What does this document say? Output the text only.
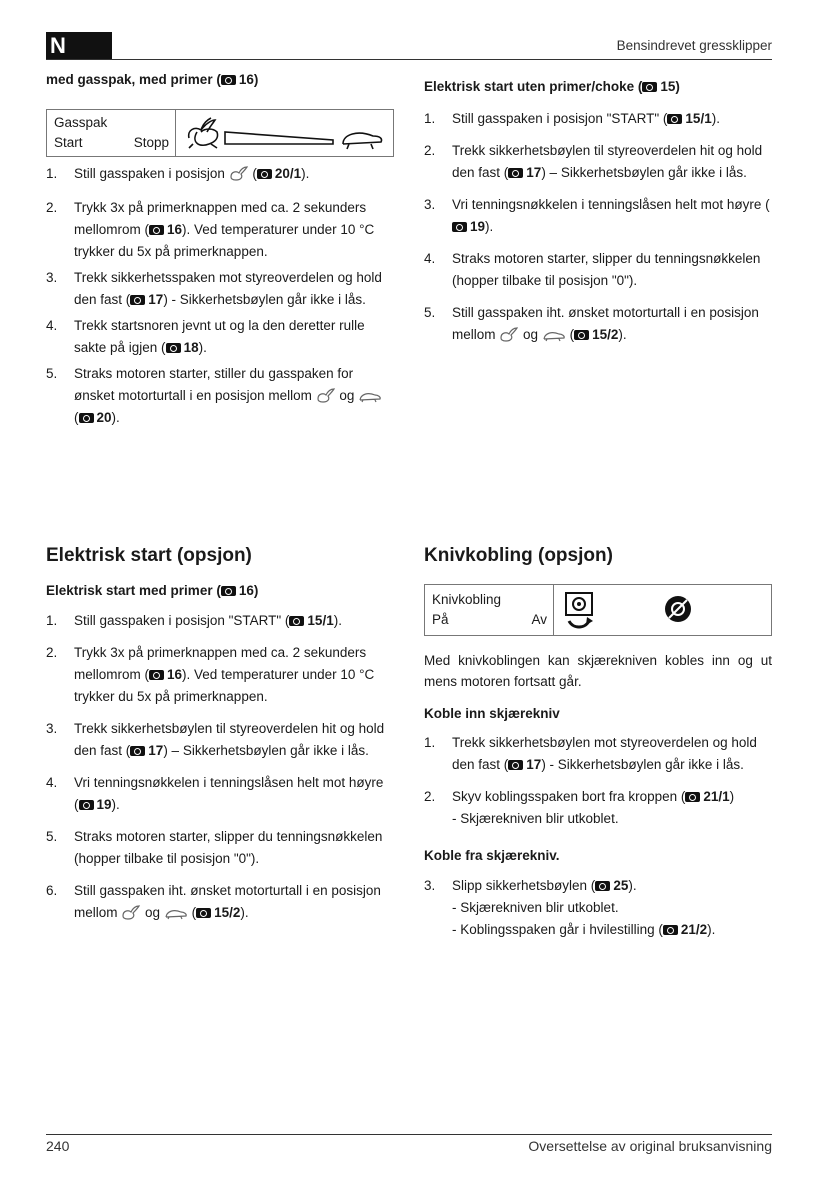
N	Bensindrevet gressklipper
med gasspak, med primer ( 16)
Gasspak
Start	Stopp
1. Still gasspaken i posisjon  ( 20/1).
2. Trykk 3x på primerknappen med ca. 2 sekunders mellomrom ( 16). Ved temperaturer under 10 °C trykker du 5x på primerknappen.
3. Trekk sikkerhetsspaken mot styreoverdelen og hold den fast ( 17) - Sikkerhetsbøylen går ikke i lås.
4. Trekk startsnoren jevnt ut og la den deretter rulle sakte på igjen ( 18).
5. Straks motoren starter, stiller du gasspaken for ønsket motorturtall i en posisjon mellom  og
( 20).
Elektrisk start uten primer/choke ( 15)
1. Still gasspaken i posisjon "START" ( 15/1).
2. Trekk sikkerhetsbøylen til styreoverdelen hit og hold den fast ( 17) – Sikkerhetsbøylen går ikke i lås.
3. Vri tenningsnøkkelen i tenningslåsen helt mot høyre (19).
4. Straks motoren starter, slipper du tenningsnøkkelen (hopper tilbake til posisjon "0").
5. Still gasspaken iht. ønsket motorturtall i en posisjon mellom  og  ( 15/2).
Elektrisk start (opsjon)
Elektrisk start med primer ( 16)
1. Still gasspaken i posisjon "START" ( 15/1).
2. Trykk 3x på primerknappen med ca. 2 sekunders mellomrom ( 16). Ved temperaturer under 10 °C trykker du 5x på primerknappen.
3. Trekk sikkerhetsbøylen til styreoverdelen hit og hold den fast ( 17) – Sikkerhetsbøylen går ikke i lås.
4. Vri tenningsnøkkelen i tenningslåsen helt mot høyre ( 19).
5. Straks motoren starter, slipper du tenningsnøkkelen (hopper tilbake til posisjon "0").
6. Still gasspaken iht. ønsket motorturtall i en posisjon mellom  og  ( 15/2).
Knivkobling (opsjon)
Knivkobling
På	Av
Med knivkoblingen kan skjærekniven kobles inn og ut mens motoren fortsatt går.
Koble inn skjærekniv
1. Trekk sikkerhetsbøylen mot styreoverdelen og hold den fast ( 17) - Sikkerhetsbøylen går ikke i lås.
2. Skyv koblingsspaken bort fra kroppen ( 21/1)
- Skjærekniven blir utkoblet.
Koble fra skjærekniv.
3. Slipp sikkerhetsbøylen ( 25).
- Skjærekniven blir utkoblet.
- Koblingsspaken går i hvilestilling ( 21/2).
240	Oversettelse av original bruksanvisning
